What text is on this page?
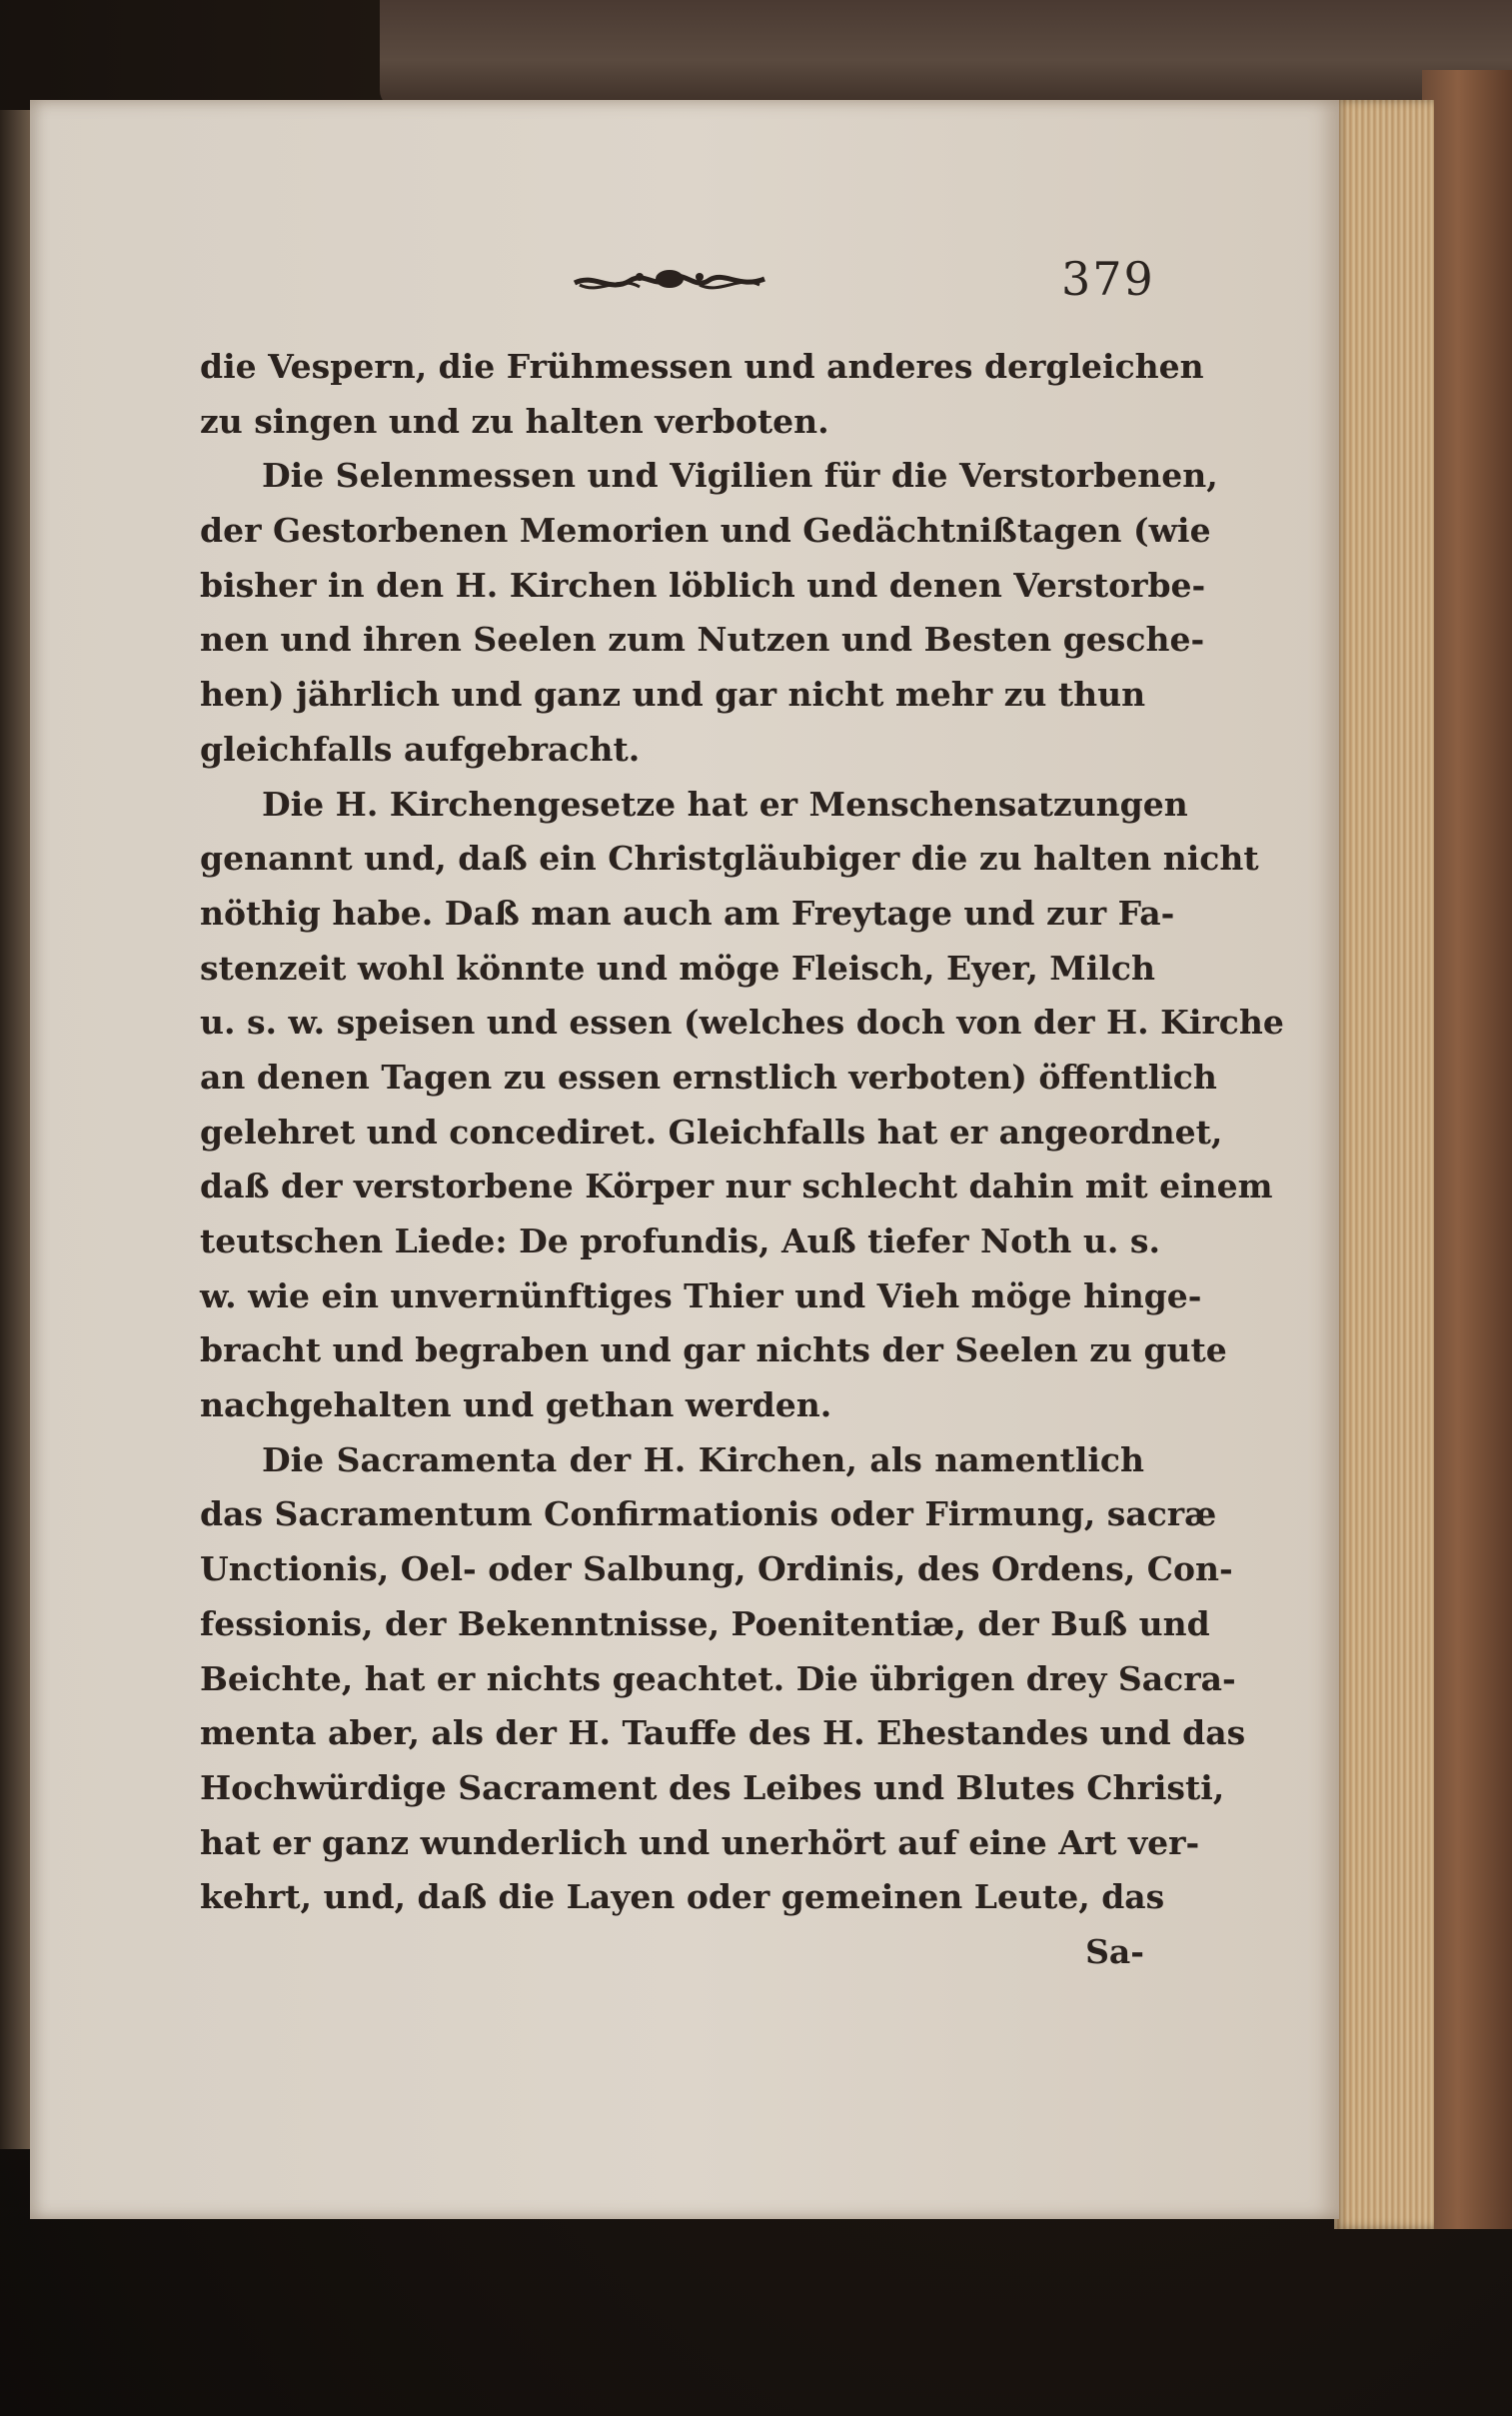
379
die Vespern, die Frühmessen und anderes dergleichen
zu singen und zu halten verboten.
Die Selenmessen und Vigilien für die Verstorbenen,
der Gestorbenen Memorien und Gedächtnißtagen (wie
bisher in den H. Kirchen löblich und denen Verstorbe-
nen und ihren Seelen zum Nutzen und Besten gesche-
hen) jährlich und ganz und gar nicht mehr zu thun
gleichfalls aufgebracht.
Die H. Kirchengesetze hat er Menschensatzungen
genannt und, daß ein Christgläubiger die zu halten nicht
nöthig habe. Daß man auch am Freytage und zur Fa-
stenzeit wohl könnte und möge Fleisch, Eyer, Milch
u. s. w. speisen und essen (welches doch von der H. Kirche
an denen Tagen zu essen ernstlich verboten) öffentlich
gelehret und concediret. Gleichfalls hat er angeordnet,
daß der verstorbene Körper nur schlecht dahin mit einem
teutschen Liede: De profundis, Auß tiefer Noth u. s.
w. wie ein unvernünftiges Thier und Vieh möge hinge-
bracht und begraben und gar nichts der Seelen zu gute
nachgehalten und gethan werden.
Die Sacramenta der H. Kirchen, als namentlich
das Sacramentum Confirmationis oder Firmung, sacræ
Unctionis, Oel- oder Salbung, Ordinis, des Ordens, Con-
fessionis, der Bekenntnisse, Poenitentiæ, der Buß und
Beichte, hat er nichts geachtet. Die übrigen drey Sacra-
menta aber, als der H. Tauffe des H. Ehestandes und das
Hochwürdige Sacrament des Leibes und Blutes Christi,
hat er ganz wunderlich und unerhört auf eine Art ver-
kehrt, und, daß die Layen oder gemeinen Leute, das
Sa-
